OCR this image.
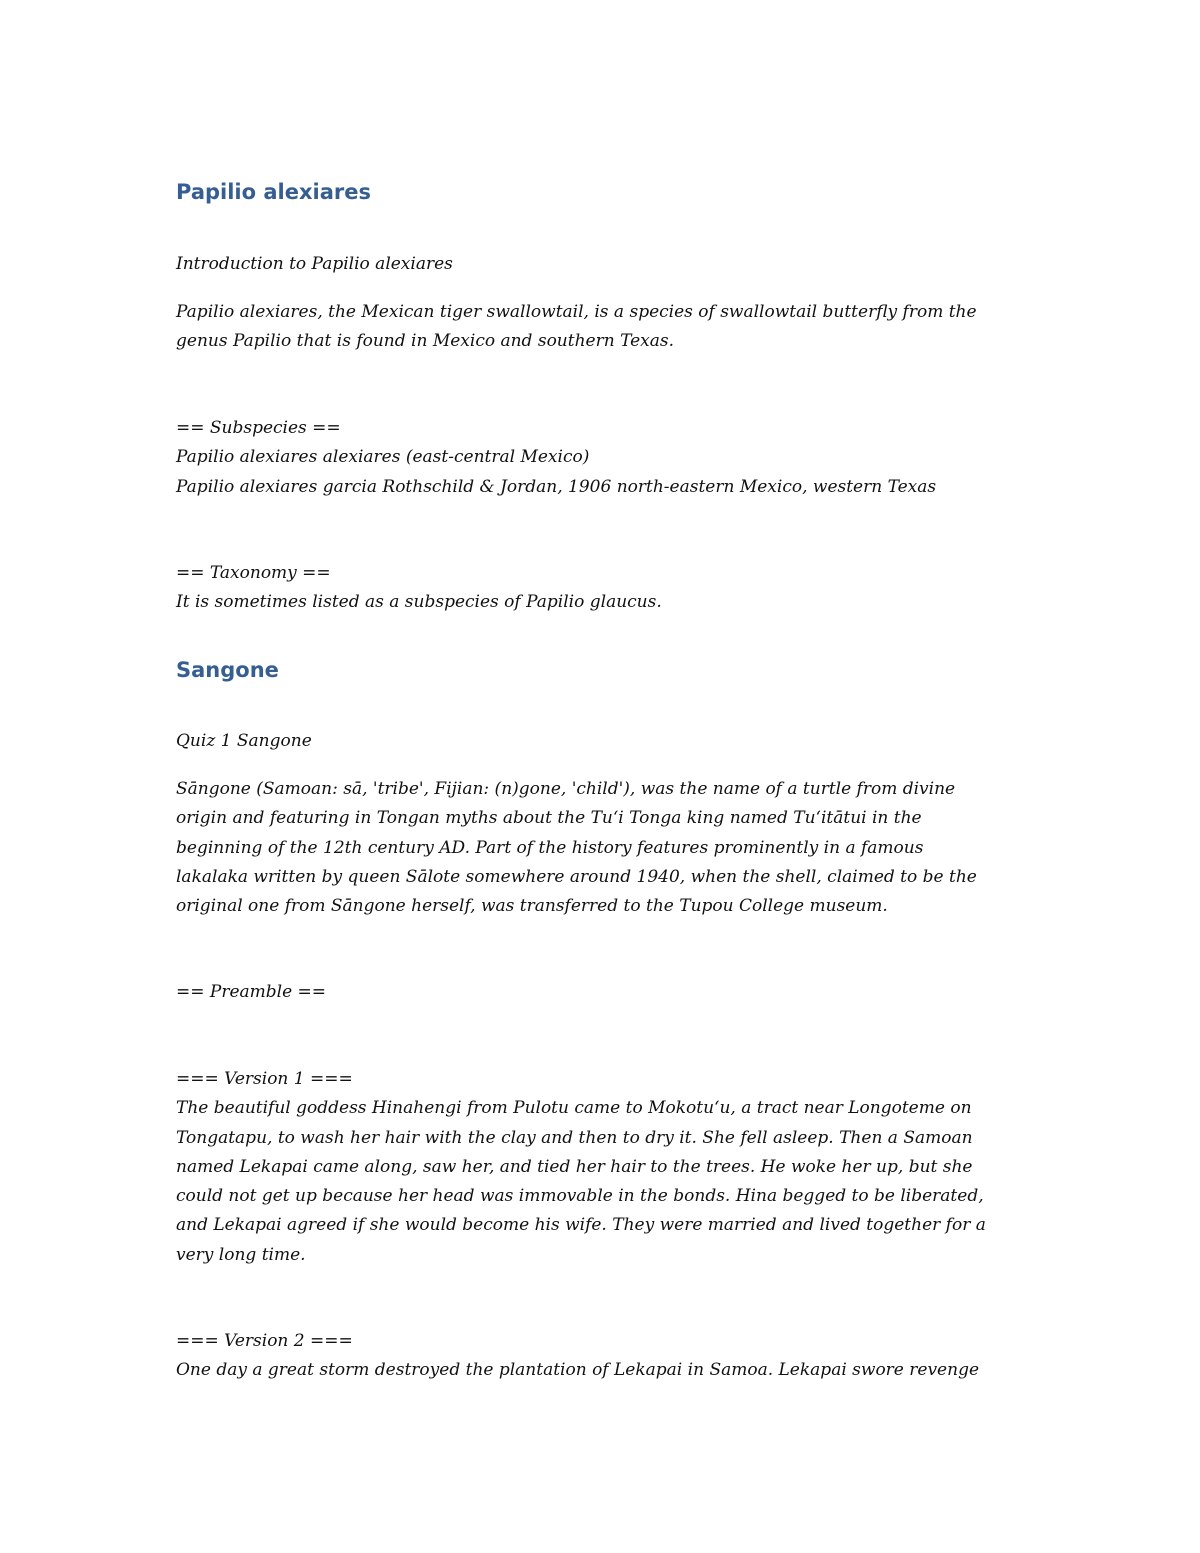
Papilio alexiares

Introduction to Papilio alexiares

Papilio alexiares, the Mexican tiger swallowtail, is a species of swallowtail butterfly from the
genus Papilio that is found in Mexico and southern Texas.

== Subspecies ==
Papilio alexiares alexiares (east-central Mexico)
Papilio alexiares garcia Rothschild & Jordan, 1906 north-eastern Mexico, western Texas

== Taxonomy ==
It is sometimes listed as a subspecies of Papilio glaucus.

Sangone

Quiz 1 Sangone

Sāngone (Samoan: sā, 'tribe', Fijian: (n)gone, 'child'), was the name of a turtle from divine
origin and featuring in Tongan myths about the Tuʻi Tonga king named Tuʻitātui in the
beginning of the 12th century AD. Part of the history features prominently in a famous
lakalaka written by queen Sālote somewhere around 1940, when the shell, claimed to be the
original one from Sāngone herself, was transferred to the Tupou College museum.

== Preamble ==

=== Version 1 ===
The beautiful goddess Hinahengi from Pulotu came to Mokotuʻu, a tract near Longoteme on
Tongatapu, to wash her hair with the clay and then to dry it. She fell asleep. Then a Samoan
named Lekapai came along, saw her, and tied her hair to the trees. He woke her up, but she
could not get up because her head was immovable in the bonds. Hina begged to be liberated,
and Lekapai agreed if she would become his wife. They were married and lived together for a
very long time.

=== Version 2 ===
One day a great storm destroyed the plantation of Lekapai in Samoa. Lekapai swore revenge
